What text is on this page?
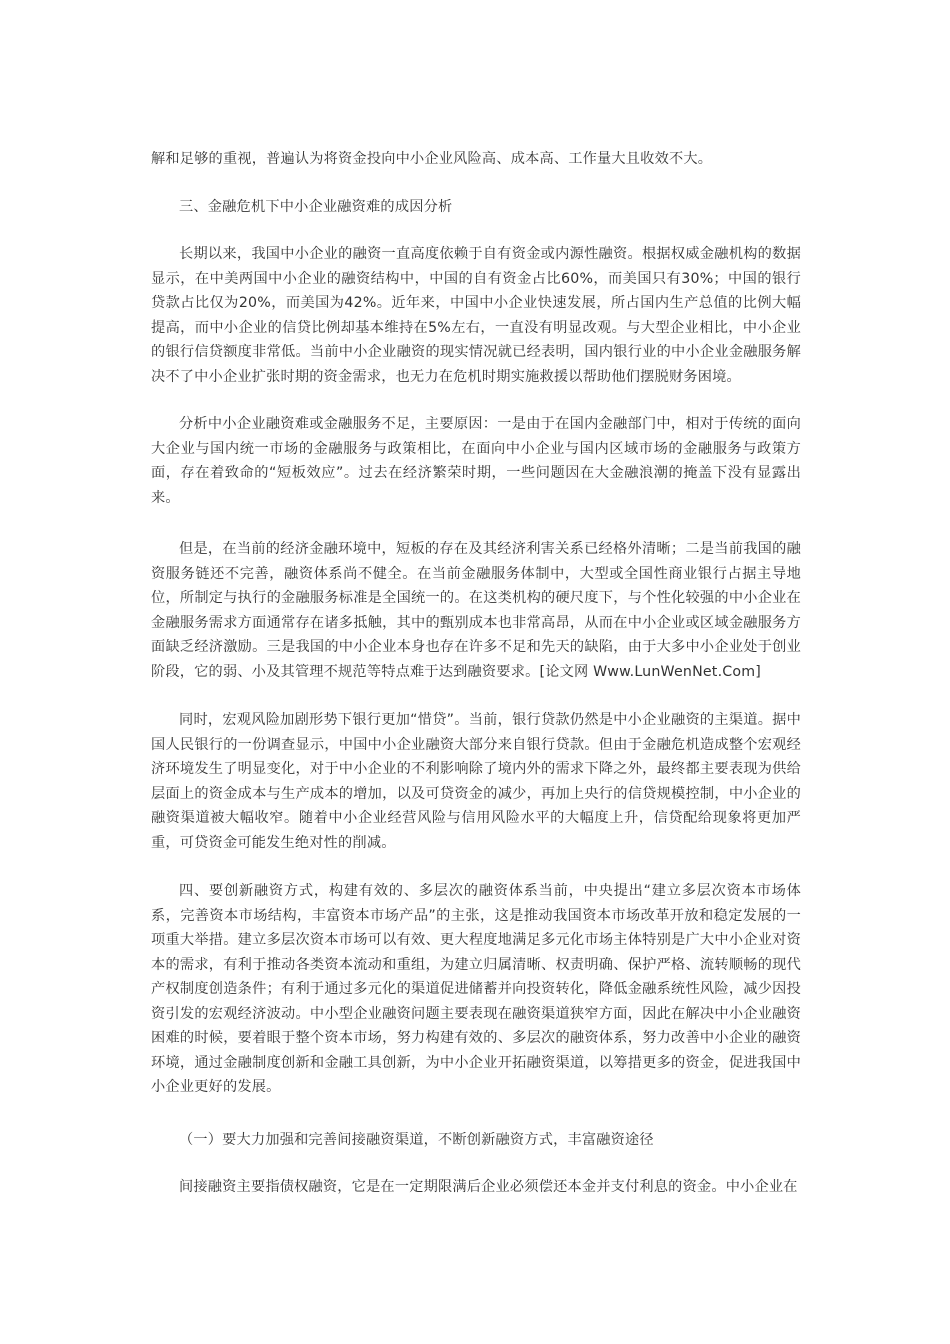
解和足够的重视，普遍认为将资金投向中小企业风险高、成本高、工作量大且收效不大。

三、金融危机下中小企业融资难的成因分析

长期以来，我国中小企业的融资一直高度依赖于自有资金或内源性融资。根据权威金融机构的数据显示，在中美两国中小企业的融资结构中，中国的自有资金占比60%，而美国只有30%；中国的银行贷款占比仅为20%，而美国为42%。近年来，中国中小企业快速发展，所占国内生产总值的比例大幅提高，而中小企业的信贷比例却基本维持在5%左右，一直没有明显改观。与大型企业相比，中小企业的银行信贷额度非常低。当前中小企业融资的现实情况就已经表明，国内银行业的中小企业金融服务解决不了中小企业扩张时期的资金需求，也无力在危机时期实施救援以帮助他们摆脱财务困境。

分析中小企业融资难或金融服务不足，主要原因：一是由于在国内金融部门中，相对于传统的面向大企业与国内统一市场的金融服务与政策相比，在面向中小企业与国内区域市场的金融服务与政策方面，存在着致命的“短板效应”。过去在经济繁荣时期，一些问题因在大金融浪潮的掩盖下没有显露出来。

但是，在当前的经济金融环境中，短板的存在及其经济利害关系已经格外清晰；二是当前我国的融资服务链还不完善，融资体系尚不健全。在当前金融服务体制中，大型或全国性商业银行占据主导地位，所制定与执行的金融服务标准是全国统一的。在这类机构的硬尺度下，与个性化较强的中小企业在金融服务需求方面通常存在诸多抵触，其中的甄别成本也非常高昂，从而在中小企业或区域金融服务方面缺乏经济激励。三是我国的中小企业本身也存在许多不足和先天的缺陷，由于大多中小企业处于创业阶段，它的弱、小及其管理不规范等特点难于达到融资要求。[论文网 Www.LunWenNet.Com]

同时，宏观风险加剧形势下银行更加“惜贷”。当前，银行贷款仍然是中小企业融资的主渠道。据中国人民银行的一份调查显示，中国中小企业融资大部分来自银行贷款。但由于金融危机造成整个宏观经济环境发生了明显变化，对于中小企业的不利影响除了境内外的需求下降之外，最终都主要表现为供给层面上的资金成本与生产成本的增加，以及可贷资金的减少，再加上央行的信贷规模控制，中小企业的融资渠道被大幅收窄。随着中小企业经营风险与信用风险水平的大幅度上升，信贷配给现象将更加严重，可贷资金可能发生绝对性的削减。

四、要创新融资方式，构建有效的、多层次的融资体系当前，中央提出“建立多层次资本市场体系，完善资本市场结构，丰富资本市场产品”的主张，这是推动我国资本市场改革开放和稳定发展的一项重大举措。建立多层次资本市场可以有效、更大程度地满足多元化市场主体特别是广大中小企业对资本的需求，有利于推动各类资本流动和重组，为建立归属清晰、权责明确、保护严格、流转顺畅的现代产权制度创造条件；有利于通过多元化的渠道促进储蓄并向投资转化，降低金融系统性风险，减少因投资引发的宏观经济波动。中小型企业融资问题主要表现在融资渠道狭窄方面，因此在解决中小企业融资困难的时候，要着眼于整个资本市场，努力构建有效的、多层次的融资体系，努力改善中小企业的融资环境，通过金融制度创新和金融工具创新，为中小企业开拓融资渠道，以筹措更多的资金，促进我国中小企业更好的发展。

（一）要大力加强和完善间接融资渠道，不断创新融资方式，丰富融资途径

间接融资主要指债权融资，它是在一定期限满后企业必须偿还本金并支付利息的资金。中小企业在
